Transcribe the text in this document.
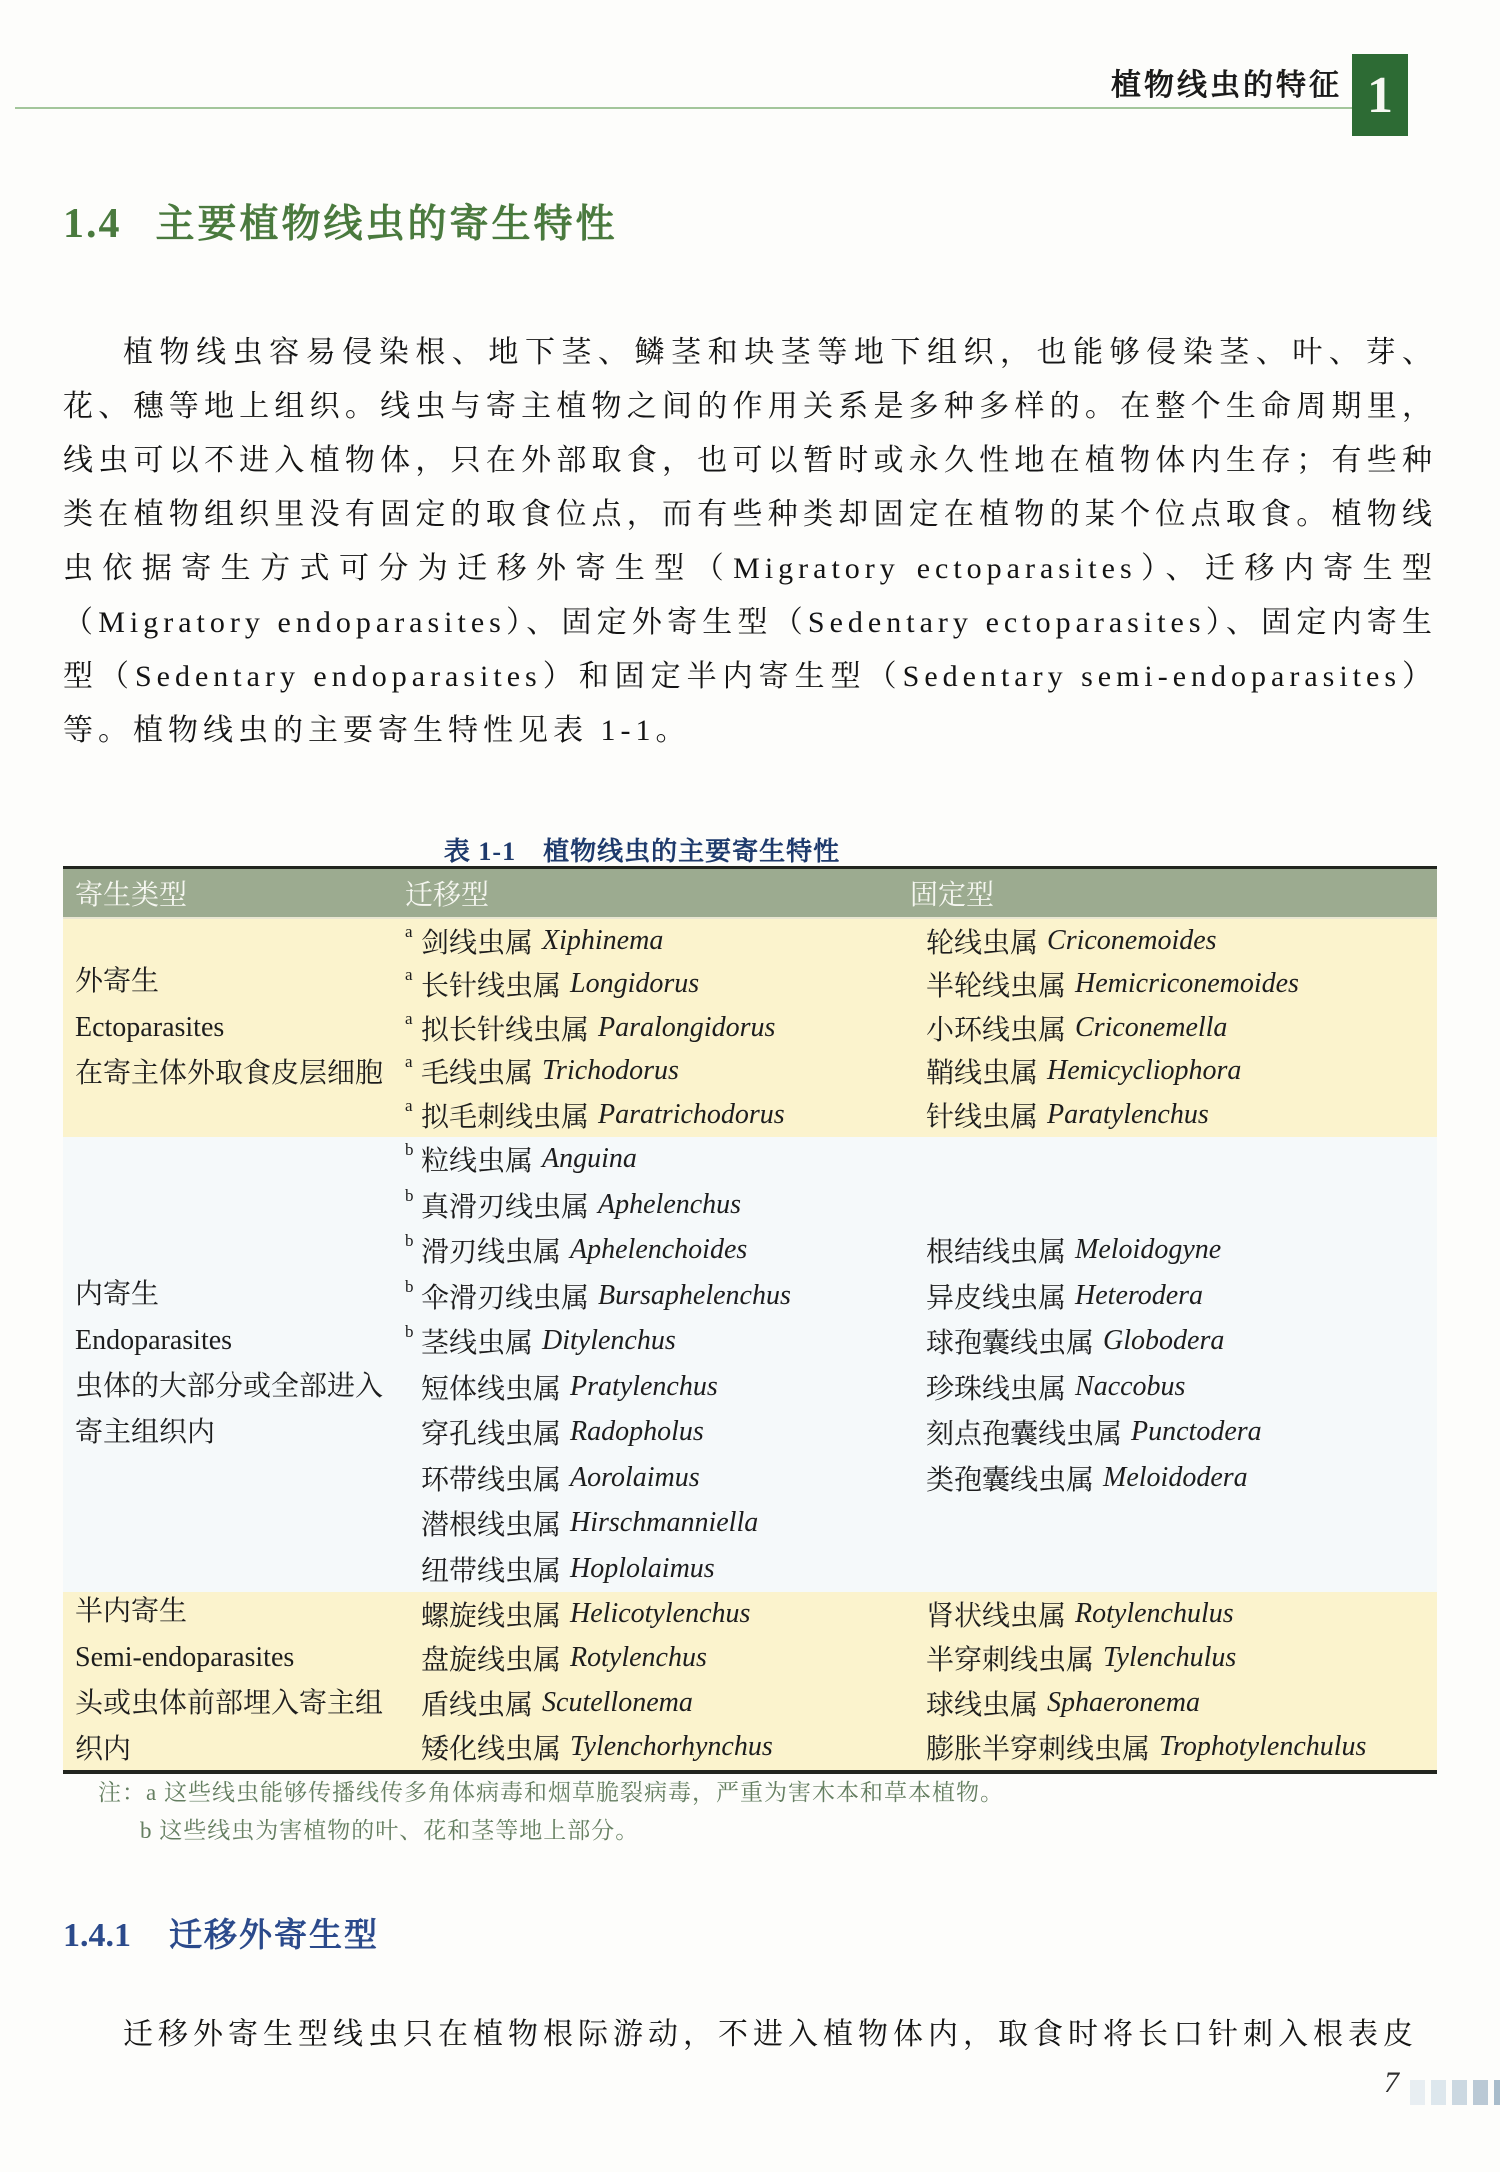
植物线虫的特征 1
1.4 主要植物线虫的寄生特性

植物线虫容易侵染根、地下茎、鳞茎和块茎等地下组织，也能够侵染茎、叶、芽、花、穗等地上组织。线虫与寄主植物之间的作用关系是多种多样的。在整个生命周期里，线虫可以不进入植物体，只在外部取食，也可以暂时或永久性地在植物体内生存；有些种类在植物组织里没有固定的取食位点，而有些种类却固定在植物的某个位点取食。植物线虫依据寄生方式可分为迁移外寄生型（Migratory ectoparasites）、迁移内寄生型（Migratory endoparasites）、固定外寄生型（Sedentary ectoparasites）、固定内寄生型（Sedentary endoparasites）和固定半内寄生型（Sedentary semi-endoparasites）等。植物线虫的主要寄生特性见表 1-1。

表 1-1　植物线虫的主要寄生特性
寄生类型	迁移型	固定型
外寄生
Ectoparasites
在寄主体外取食皮层细胞
a 剑线虫属 Xiphinema	轮线虫属 Criconemoides
a 长针线虫属 Longidorus	半轮线虫属 Hemicriconemoides
a 拟长针线虫属 Paralongidorus	小环线虫属 Criconemella
a 毛线虫属 Trichodorus	鞘线虫属 Hemicycliophora
a 拟毛刺线虫属 Paratrichodorus	针线虫属 Paratylenchus
内寄生
Endoparasites
虫体的大部分或全部进入
寄主组织内
b 粒线虫属 Anguina
b 真滑刃线虫属 Aphelenchus
b 滑刃线虫属 Aphelenchoides	根结线虫属 Meloidogyne
b 伞滑刃线虫属 Bursaphelenchus	异皮线虫属 Heterodera
b 茎线虫属 Ditylenchus	球孢囊线虫属 Globodera
短体线虫属 Pratylenchus	珍珠线虫属 Naccobus
穿孔线虫属 Radopholus	刻点孢囊线虫属 Punctodera
环带线虫属 Aorolaimus	类孢囊线虫属 Meloidodera
潜根线虫属 Hirschmanniella
纽带线虫属 Hoplolaimus
半内寄生
Semi-endoparasites
头或虫体前部埋入寄主组
织内
螺旋线虫属 Helicotylenchus	肾状线虫属 Rotylenchulus
盘旋线虫属 Rotylenchus	半穿刺线虫属 Tylenchulus
盾线虫属 Scutellonema	球线虫属 Sphaeronema
矮化线虫属 Tylenchorhynchus	膨胀半穿刺线虫属 Trophotylenchulus
注：a 这些线虫能够传播线传多角体病毒和烟草脆裂病毒，严重为害木本和草本植物。
b 这些线虫为害植物的叶、花和茎等地上部分。
1.4.1 迁移外寄生型

迁移外寄生型线虫只在植物根际游动，不进入植物体内，取食时将长口针刺入根表皮

7
